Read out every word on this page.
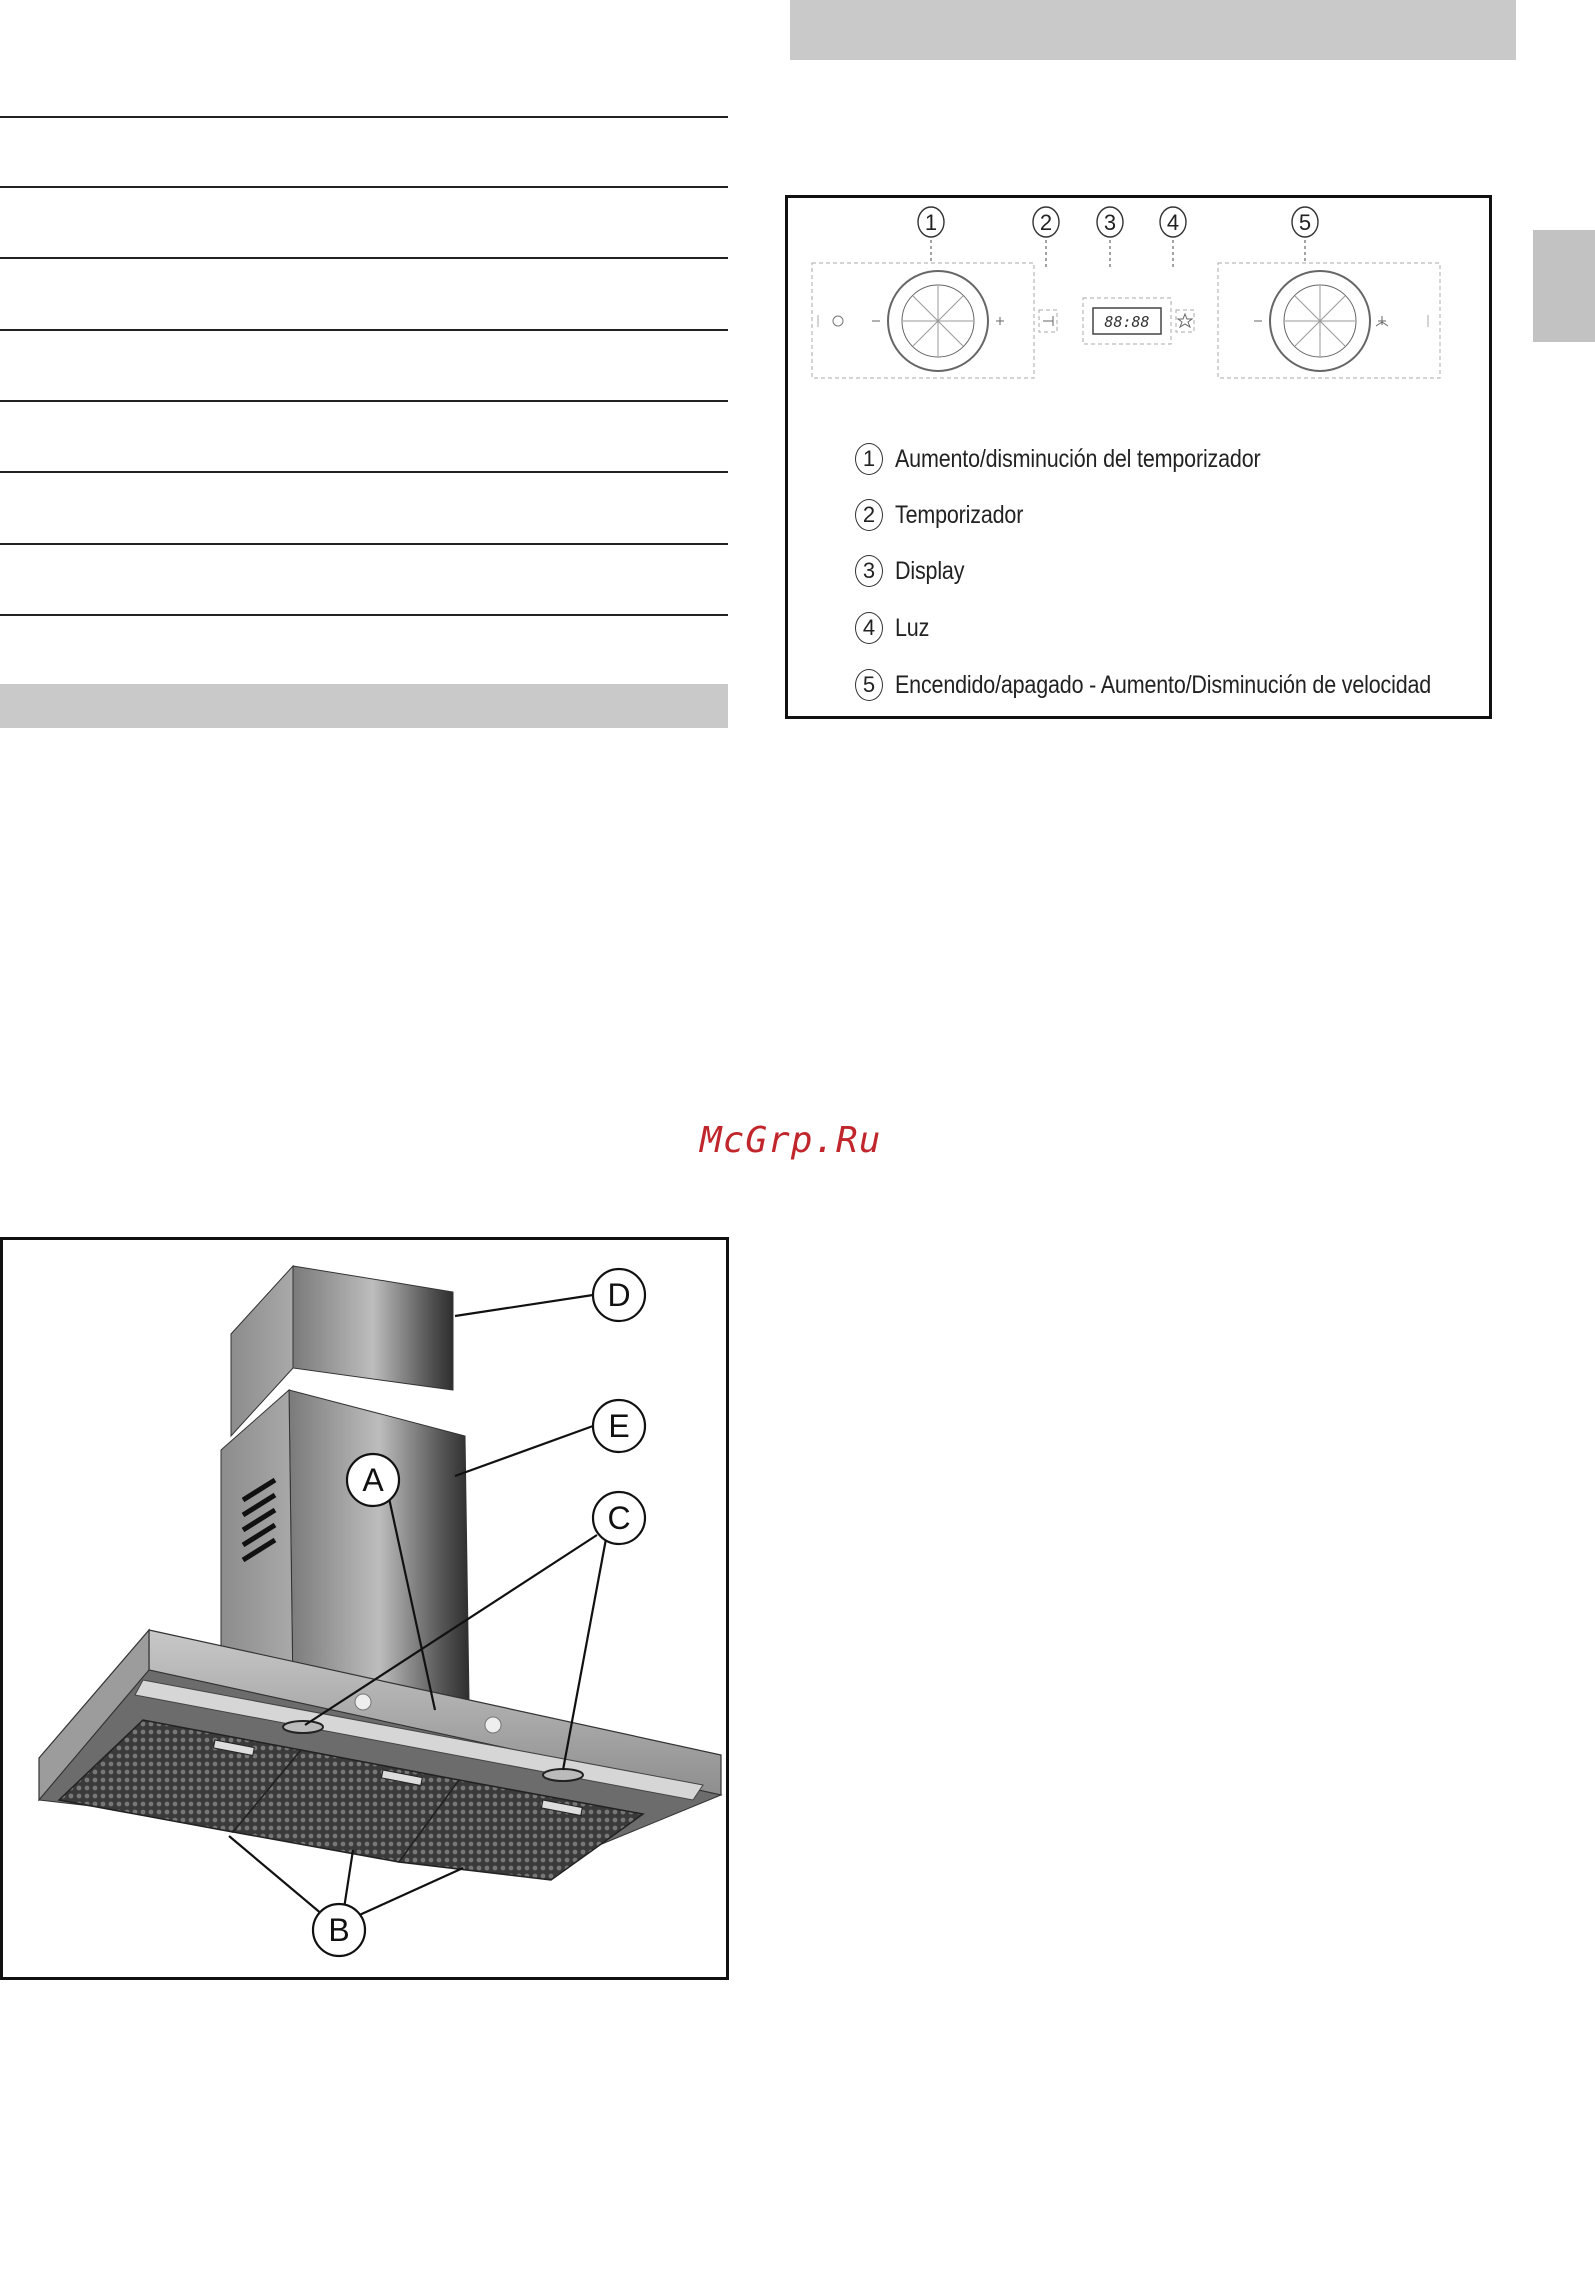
1	2 3 4	5
88:88
1 Aumento/disminución del temporizador
2 Temporizador
3 Display
4 Luz
5 Encendido/apagado - Aumento/Disminución de velocidad
McGrp.Ru
D
E
C
A
B
